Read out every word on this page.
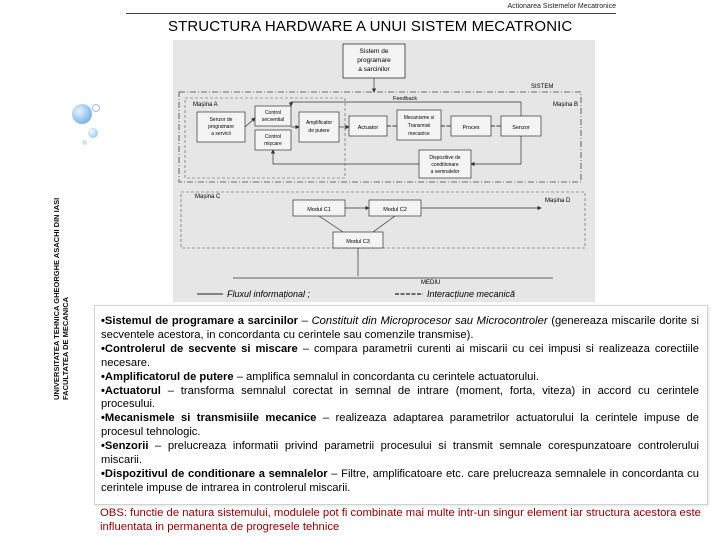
Actionarea Sistemelor Mecatronice
UNIVERSITATEA TEHNICA GHEORGHE ASACHI DIN IASI FACULTATEA DE MECANICA
STRUCTURA HARDWARE A UNUI SISTEM MECATRONIC
Sistem de
programare
a sarcinilor
SISTEM
Mașina A	Mașina B
Senzor de
programare
a servicii
Control
secvential
Control
mișcare
Amplificator
de putere	Actuator
Mecanisme si
Transmisii
mecanice
Proces	Senzor
Feedback
Dispozitive de
conditionare
a semnalelor
Mașina C
Mașina D
Modul C1	Modul C2
Modul C3
MEDIU
Fluxul informațional ;	Interacțiune mecanică

•Sistemul de programare a sarcinilor – Constituit din Microprocesor sau Microcontroler (genereaza miscarile dorite si secventele acestora, in concordanta cu cerintele sau comenzile transmise).

•Controlerul de secvente si miscare – compara parametrii curenti ai miscarii cu cei impusi si realizeaza corectiile necesare.

•Amplificatorul de putere – amplifica semnalul in concordanta cu cerintele actuatorului.

•Actuatorul – transforma semnalul corectat in semnal de intrare (moment, forta, viteza) in accord cu cerintele procesului.

•Mecanismele si transmisiile mecanice – realizeaza adaptarea parametrilor actuatorului la cerintele impuse de procesul tehnologic.

•Senzorii – prelucreaza informatii privind parametrii procesului si transmit semnale corespunzatoare controlerului miscarii.

•Dispozitivul de conditionare a semnalelor – Filtre, amplificatoare etc. care prelucreaza semnalele in concordanta cu cerintele impuse de intrarea in controlerul miscarii.

OBS: functie de natura sistemului, modulele pot fi combinate mai multe intr-un singur element iar structura acestora este influentata in permanenta de progresele tehnice
